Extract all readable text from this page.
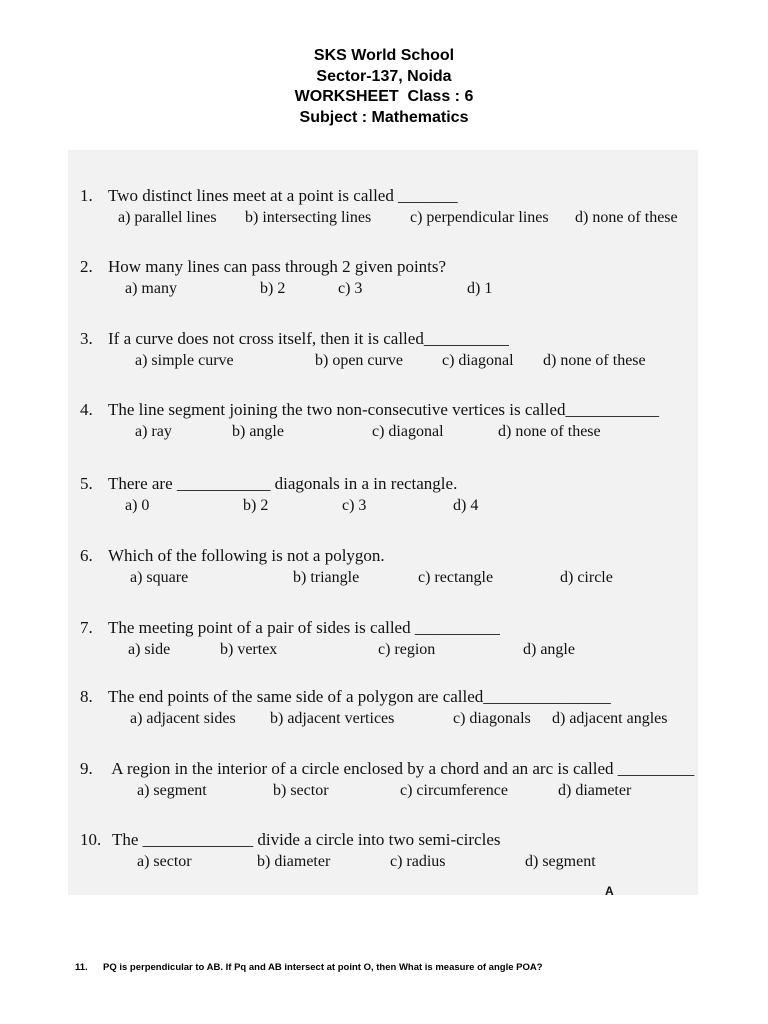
SKS World School
Sector-137, Noida
WORKSHEET  Class : 6
Subject : Mathematics
1. Two distinct lines meet at a point is called _______
a) parallel lines b) intersecting lines c) perpendicular lines d) none of these
2. How many lines can pass through 2 given points?
a) many	b) 2	c) 3	d) 1
3. If a curve does not cross itself, then it is called__________
a) simple curve	b) open curve c) diagonal d) none of these
4. The line segment joining the two non-consecutive vertices is called___________
a) ray	b) angle	c) diagonal	d) none of these
5. There are ___________ diagonals in a in rectangle.
a) 0	b) 2	c) 3	d) 4
6. Which of the following is not a polygon.
a) square	b) triangle	c) rectangle	d) circle
7. The meeting point of a pair of sides is called __________
a) side	b) vertex	c) region	d) angle
8. The end points of the same side of a polygon are called_______________
a) adjacent sides b) adjacent vertices	c) diagonals d) adjacent angles
9. A region in the interior of a circle enclosed by a chord and an arc is called _________
a) segment	b) sector	c) circumference	d) diameter
10. The _____________ divide a circle into two semi-circles
a) sector	b) diameter	c) radius	d) segment
A
11. PQ is perpendicular to AB. If Pq and AB intersect at point O, then What is measure of angle POA?
